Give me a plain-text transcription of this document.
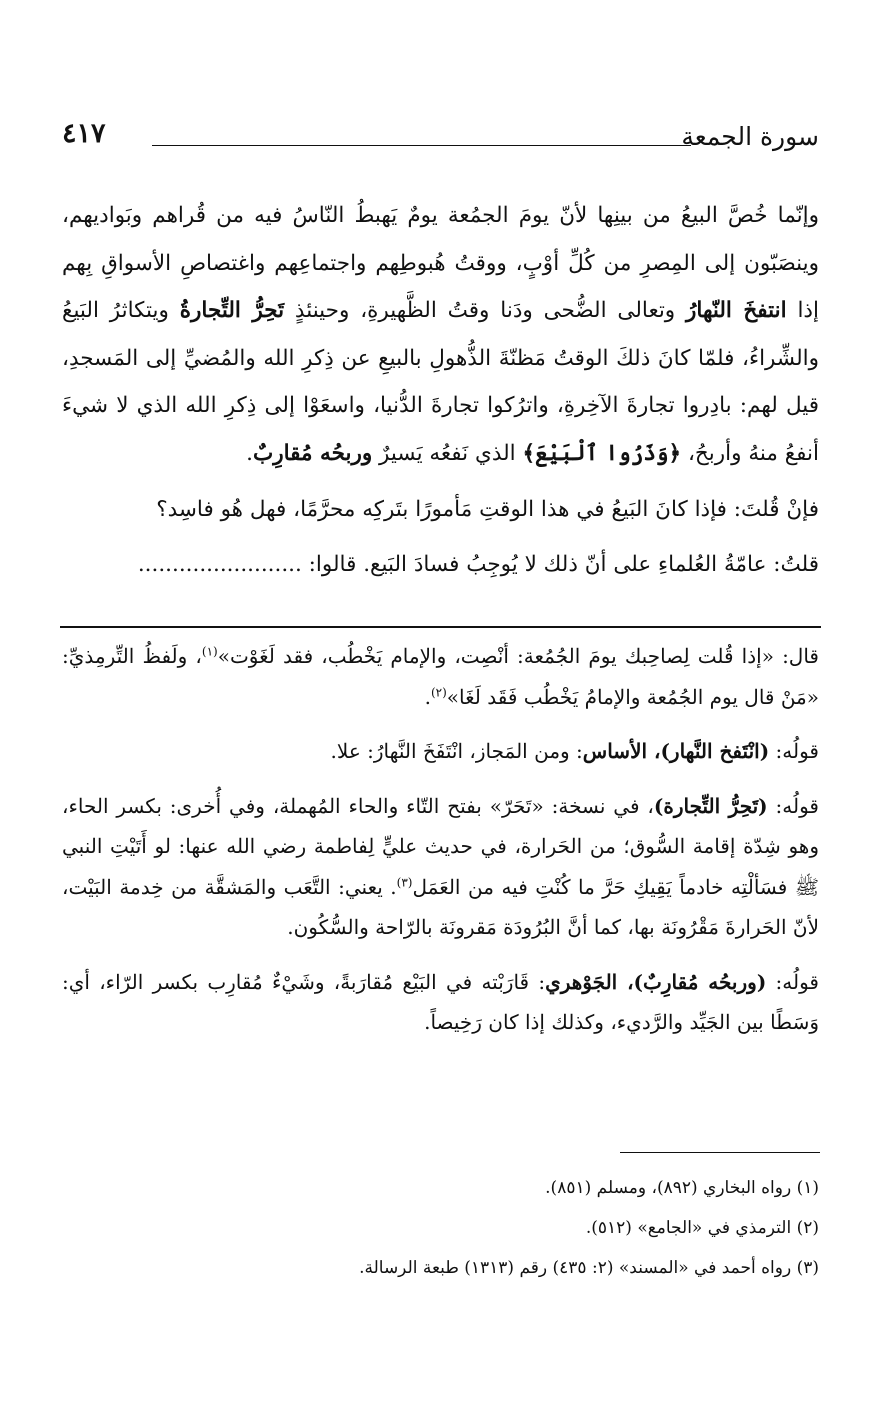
سورة الجمعة
٤١٧

وإنّما خُصَّ البيعُ من بينِها لأنّ يومَ الجمُعة يومٌ يَهبطُ النّاسُ فيه من قُراهم وبَواديهم، وينصَبّون إلى المِصرِ من كُلِّ أوْبٍ، ووقتُ هُبوطِهم واجتماعِهم واغتصاصِ الأسواقِ بِهم إذا انتفخَ النّهارُ وتعالى الضُّحى ودَنا وقتُ الظَّهيرةِ، وحينئذٍ تَحِرُّ التِّجارةُ ويتكاثرُ البَيعُ والشِّراءُ، فلمّا كانَ ذلكَ الوقتُ مَظنّةَ الذُّهولِ بالبيعِ عن ذِكرِ الله والمُضيِّ إلى المَسجدِ، قيل لهم: بادِروا تجارةَ الآخِرةِ، واترُكوا تجارةَ الدُّنيا، واسعَوْا إلى ذِكرِ الله الذي لا شيءَ أنفعُ منهُ وأربحُ، ﴿وَذَرُوا ٱلْبَيْعَ﴾ الذي نَفعُه يَسيرٌ وربحُه مُقارِبٌ.

فإنْ قُلتَ: فإذا كانَ البَيعُ في هذا الوقتِ مَأمورًا بتَركِه محرَّمًا، فهل هُو فاسِد؟

قلتُ: عامّةُ العُلماءِ على أنّ ذلك لا يُوجِبُ فسادَ البَيع. قالوا: ........................

قال: «إذا قُلت لِصاحِبك يومَ الجُمُعة: أنْصِت، والإمام يَخْطُب، فقد لَغَوْت»$^{(١)}$، ولَفظُ التِّرمِذيِّ: «مَنْ قال يوم الجُمُعة والإمامُ يَخْطُب فَقَد لَغَا»$^{(٢)}$.

قولُه: (انْتَفخ النَّهار)، الأساس: ومن المَجاز، انْتَفَخَ النَّهارُ: علا.

قولُه: (تَحِرُّ التِّجارة)، في نسخة: «تَحَرّ» بفتح التّاء والحاء المُهملة، وفي أُخرى: بكسر الحاء، وهو شِدّة إقامة السُّوق؛ من الحَرارة، في حديث عليٍّ لِفاطمة رضي الله عنها: لو أَتَيْتِ النبي ﷺ فسَألْتِه خادماً يَقِيكِ حَرَّ ما كُنْتِ فيه من العَمَل$^{(٣)}$. يعني: التَّعَب والمَشقَّة من خِدمة البَيْت، لأنّ الحَرارةَ مَقْرُونَة بها، كما أنَّ البُرُودَة مَقرونَة بالرّاحة والسُّكُون.

قولُه: (وربحُه مُقارِبٌ)، الجَوْهري: قَارَبْته في البَيْع مُقارَبةً، وشَيْءٌ مُقارِب بكسر الرّاء، أي: وَسَطًا بين الجَيِّد والرَّديء، وكذلك إذا كان رَخِيصاً.

(١) رواه البخاري (٨٩٢)، ومسلم (٨٥١).
(٢) الترمذي في «الجامع» (٥١٢).
(٣) رواه أحمد في «المسند» (٢: ٤٣٥) رقم (١٣١٣) طبعة الرسالة.
